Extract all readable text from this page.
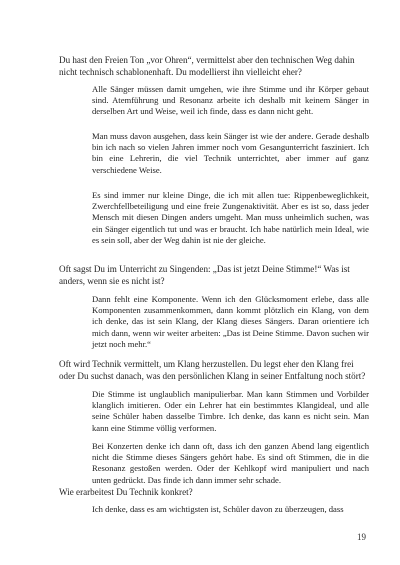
Du hast den Freien Ton „vor Ohren“, vermittelst aber den technischen Weg dahin nicht technisch schablonenhaft. Du modellierst ihn vielleicht eher?

Alle Sänger müssen damit umgehen, wie ihre Stimme und ihr Körper gebaut sind. Atemführung und Resonanz arbeite ich deshalb mit keinem Sänger in derselben Art und Weise, weil ich finde, dass es dann nicht geht.

Man muss davon ausgehen, dass kein Sänger ist wie der andere. Gerade deshalb bin ich nach so vielen Jahren immer noch vom Gesangunterricht fasziniert. Ich bin eine Lehrerin, die viel Technik unterrichtet, aber immer auf ganz verschiedene Weise.

Es sind immer nur kleine Dinge, die ich mit allen tue: Rippenbeweglichkeit, Zwerchfellbeteiligung und eine freie Zungenaktivität. Aber es ist so, dass jeder Mensch mit diesen Dingen anders umgeht. Man muss unheimlich suchen, was ein Sänger eigentlich tut und was er braucht. Ich habe natürlich mein Ideal, wie es sein soll, aber der Weg dahin ist nie der gleiche.

Oft sagst Du im Unterricht zu Singenden: „Das ist jetzt Deine Stimme!“ Was ist anders, wenn sie es nicht ist?

Dann fehlt eine Komponente. Wenn ich den Glücksmoment erlebe, dass alle Komponenten zusammenkommen, dann kommt plötzlich ein Klang, von dem ich denke, das ist sein Klang, der Klang dieses Sängers. Daran orientiere ich mich dann, wenn wir weiter arbeiten: „Das ist Deine Stimme. Davon suchen wir jetzt noch mehr.“

Oft wird Technik vermittelt, um Klang herzustellen. Du legst eher den Klang frei oder Du suchst danach, was den persönlichen Klang in seiner Entfaltung noch stört?

Die Stimme ist unglaublich manipulierbar. Man kann Stimmen und Vorbilder klanglich imitieren. Oder ein Lehrer hat ein bestimmtes Klangideal, und alle seine Schüler haben dasselbe Timbre. Ich denke, das kann es nicht sein. Man kann eine Stimme völlig verformen.

Bei Konzerten denke ich dann oft, dass ich den ganzen Abend lang eigentlich nicht die Stimme dieses Sängers gehört habe. Es sind oft Stimmen, die in die Resonanz gestoßen werden. Oder der Kehlkopf wird manipuliert und nach unten gedrückt. Das finde ich dann immer sehr schade.

Wie erarbeitest Du Technik konkret?

Ich denke, dass es am wichtigsten ist, Schüler davon zu überzeugen, dass

19
